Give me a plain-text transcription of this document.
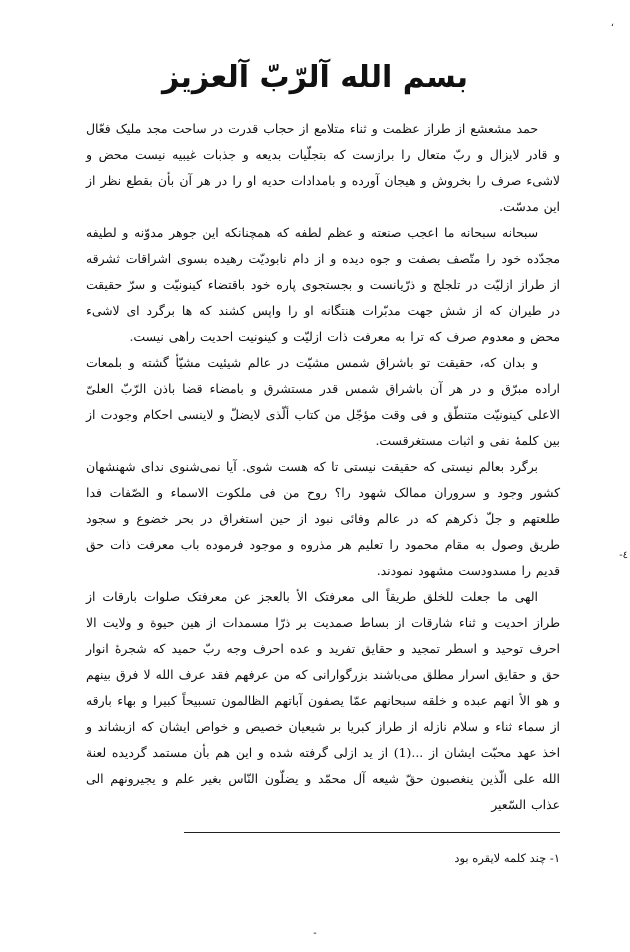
،
-٤
بسم الله آلرّبّ آلعزیز

حمد مشعشع از طراز عظمت و ثناء متلامع از حجاب قدرت در ساحت مجد ملیک فعّال و قادر لایزال و ربّ متعال را برازست که بتجلّیات بدیعه و جذبات غیبیه نیست محض و لاشیء صرف را بخروش و هیجان آورده و بامدادات حدیه او را در هر آن بأن بقطع نظر از این مدسّت.

سبحانه سبحانه ما اعجب صنعته و عظم لطفه که همچنانکه این جوهر مدوّنه و لطیفه مجدّده خود را متّصف بصفت و جوه دیده و از دام نابودیّت رهیده بسوی اشراقات ثشرقه از طراز ازلیّت در تلجلج و ذرّیانست و بجستجوی پاره خود باقتضاء کینونیّت و سرّ حقیقت در طیران که از شش جهت مدبّرات هنتگانه او را واپس کشند که ها برگرد ای لاشیء محض و معدوم صرف که ترا به معرفت ذات ازلیّت و کینونیت احدیت راهی نیست.

و بدان که، حقیقت تو باشراق شمس مشیّت در عالم شیئیت مشیّأ گشته و بلمعات اراده مبرّق و در هر آن باشراق شمس قدر مستشرق و بامضاء قضا باذن الرّبّ العلیّ الاعلی کینونیّت متنطّق و فی وقت مؤجّل من کتاب ألّذی لایضلّ و لاینسی احکام وجودت از بین کلمهٔ نفی و اثبات مستغرقست.

برگرد بعالم نیستی که حقیقت نیستی تا که هست شوی. آیا نمی‌شنوی ندای شهنشهان کشور وجود و سروران ممالک شهود را؟ روح من فی ملکوت الاسماء و الصّفات فدا طلعتهم و جلّ ذکرهم که در عالم وفائی نبود از حین استغراق در بحر خضوع و سجود طریق وصول به مقام محمود را تعلیم هر مذروه و موجود فرموده باب معرفت ذات حق قدیم را مسدودست مشهود نمودند.

الهی ما جعلت للخلق طریقاً الی معرفتک الأ بالعجز عن معرفتک صلوات بارقات از طراز احدیت و ثناء شارقات از بساط صمدیت بر ذرّا مسمدات از هین حیوة و ولایت الا احرف توحید و اسطر تمجید و حقایق تفرید و عده احرف وجه ربّ حمید که شجرهٔ انوار حق و حقایق اسرار مطلق می‌باشند بزرگوارانی که من عرفهم فقد عرف الله لا فرق بینهم و هو الأ انهم عبده و خلقه سبحانهم عمّا یصفون آباتهم الظالمون تسبیحاً کبیرا و بهاء بارقه از سماء ثناء و سلام نازله از طراز کبریا بر شیعیان خصیص و خواص ایشان که ازبشاند و اخذ عهد محبّت ایشان از ...(1) از ید ازلی گرفته شده و این هم بأن مستمد گردیده لعنة الله علی الّذین ینغصبون حقّ شیعه آل محمّد و یضلّون النّاس بغیر علم و یجیرونهم الی عذاب السّعیر

۱- چند کلمه لایقره بود
-
